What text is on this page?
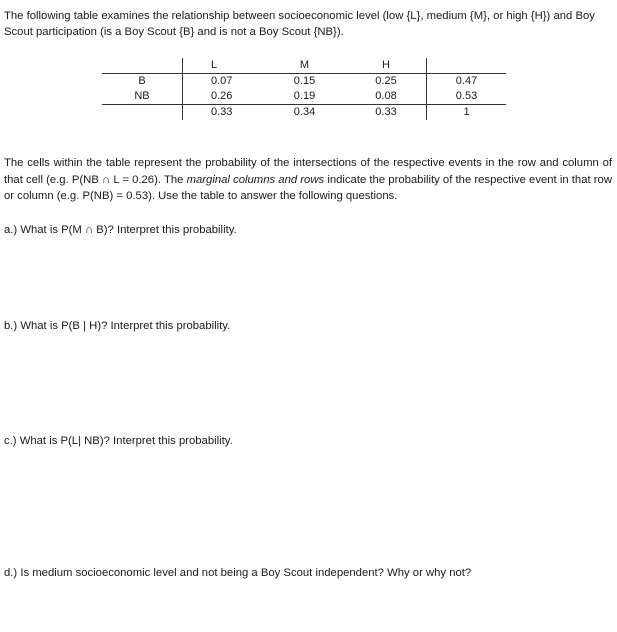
The following table examines the relationship between socioeconomic level (low {L}, medium {M}, or high {H}) and Boy Scout participation (is a Boy Scout {B} and is not a Boy Scout {NB}).

	L	M	H	
B	0.07	0.15	0.25	0.47
NB	0.26	0.19	0.08	0.53
	0.33	0.34	0.33	1

The cells within the table represent the probability of the intersections of the respective events in the row and column of that cell (e.g. P(NB ∩ L = 0.26). The marginal columns and rows indicate the probability of the respective event in that row or column (e.g. P(NB) = 0.53). Use the table to answer the following questions.

a.) What is P(M ∩ B)? Interpret this probability.

b.) What is P(B | H)? Interpret this probability.

c.) What is P(L| NB)? Interpret this probability.

d.) Is medium socioeconomic level and not being a Boy Scout independent? Why or why not?
